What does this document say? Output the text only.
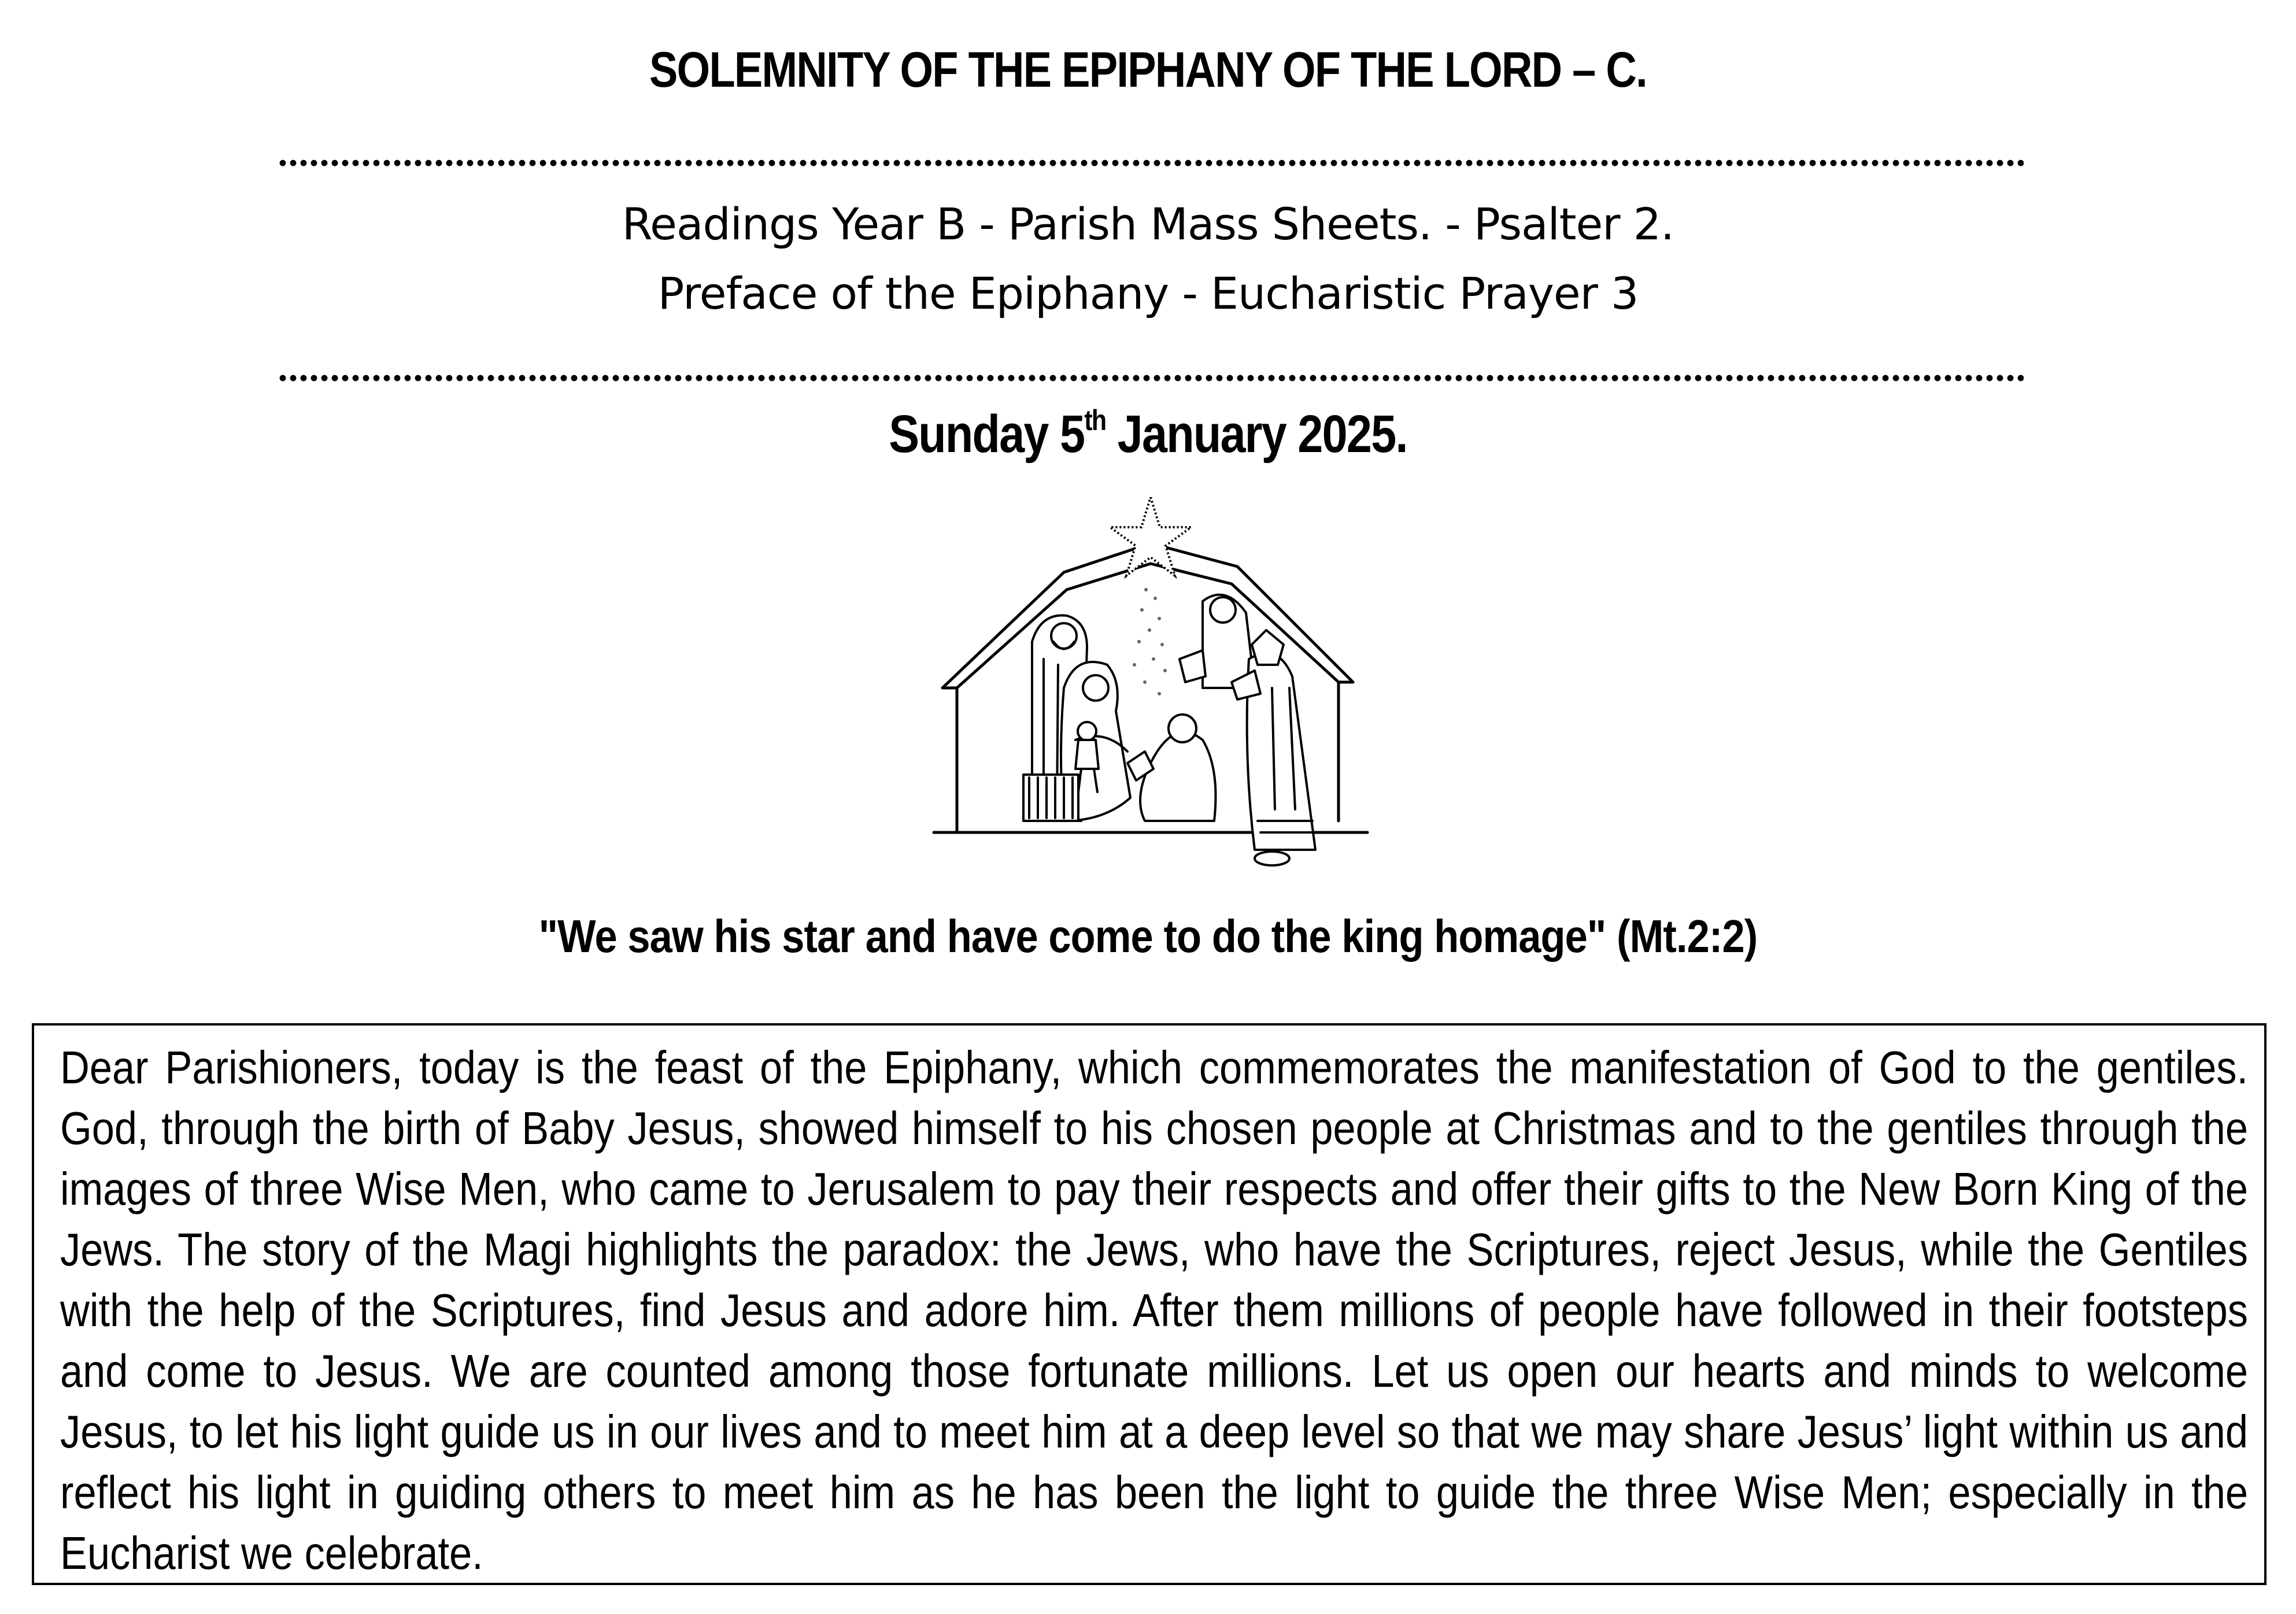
SOLEMNITY OF THE EPIPHANY OF THE LORD – C.
Readings Year B - Parish Mass Sheets. - Psalter 2.
Preface of the Epiphany - Eucharistic Prayer 3
Sunday 5th January 2025.
"We saw his star and have come to do the king homage" (Mt.2:2)
Dear Parishioners, today is the feast of the Epiphany, which commemorates the manifestation of God to the gentiles. God, through the birth of Baby Jesus, showed himself to his chosen people at Christmas and to the gentiles through the images of three Wise Men, who came to Jerusalem to pay their respects and offer their gifts to the New Born King of the Jews. The story of the Magi highlights the paradox: the Jews, who have the Scriptures, reject Jesus, while the Gentiles with the help of the Scriptures, find Jesus and adore him. After them millions of people have followed in their footsteps and come to Jesus. We are counted among those fortunate millions. Let us open our hearts and minds to welcome Jesus, to let his light guide us in our lives and to meet him at a deep level so that we may share Jesus’ light within us and reflect his light in guiding others to meet him as he has been the light to guide the three Wise Men; especially in the Eucharist we celebrate.
